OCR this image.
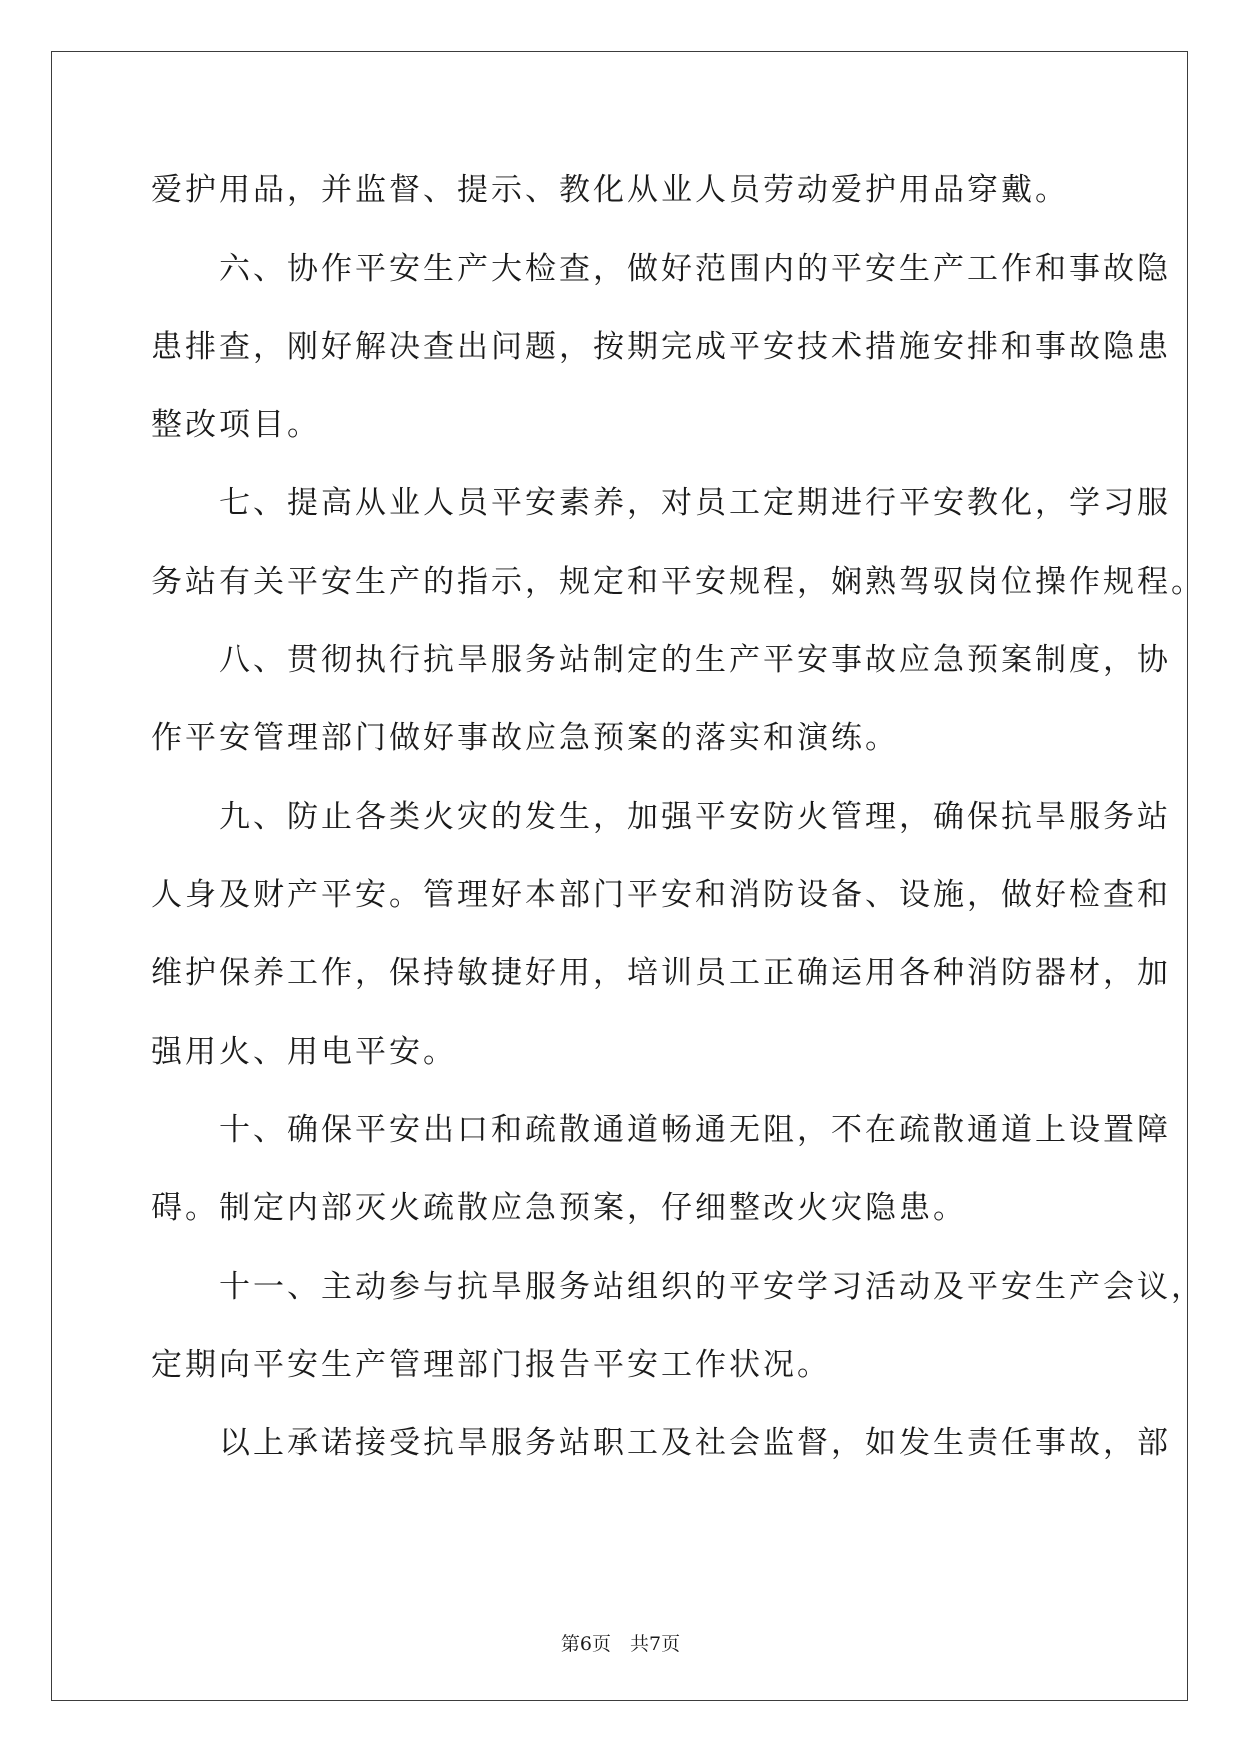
爱护用品，并监督、提示、教化从业人员劳动爱护用品穿戴。
　　六、协作平安生产大检查，做好范围内的平安生产工作和事故隐
患排查，刚好解决查出问题，按期完成平安技术措施安排和事故隐患
整改项目。
　　七、提高从业人员平安素养，对员工定期进行平安教化，学习服
务站有关平安生产的指示，规定和平安规程，娴熟驾驭岗位操作规程。
　　八、贯彻执行抗旱服务站制定的生产平安事故应急预案制度，协
作平安管理部门做好事故应急预案的落实和演练。
　　九、防止各类火灾的发生，加强平安防火管理，确保抗旱服务站
人身及财产平安。管理好本部门平安和消防设备、设施，做好检查和
维护保养工作，保持敏捷好用，培训员工正确运用各种消防器材，加
强用火、用电平安。
　　十、确保平安出口和疏散通道畅通无阻，不在疏散通道上设置障
碍。制定内部灭火疏散应急预案，仔细整改火灾隐患。
　　十一、主动参与抗旱服务站组织的平安学习活动及平安生产会议，
定期向平安生产管理部门报告平安工作状况。
　　以上承诺接受抗旱服务站职工及社会监督，如发生责任事故，部
第6页　共7页
